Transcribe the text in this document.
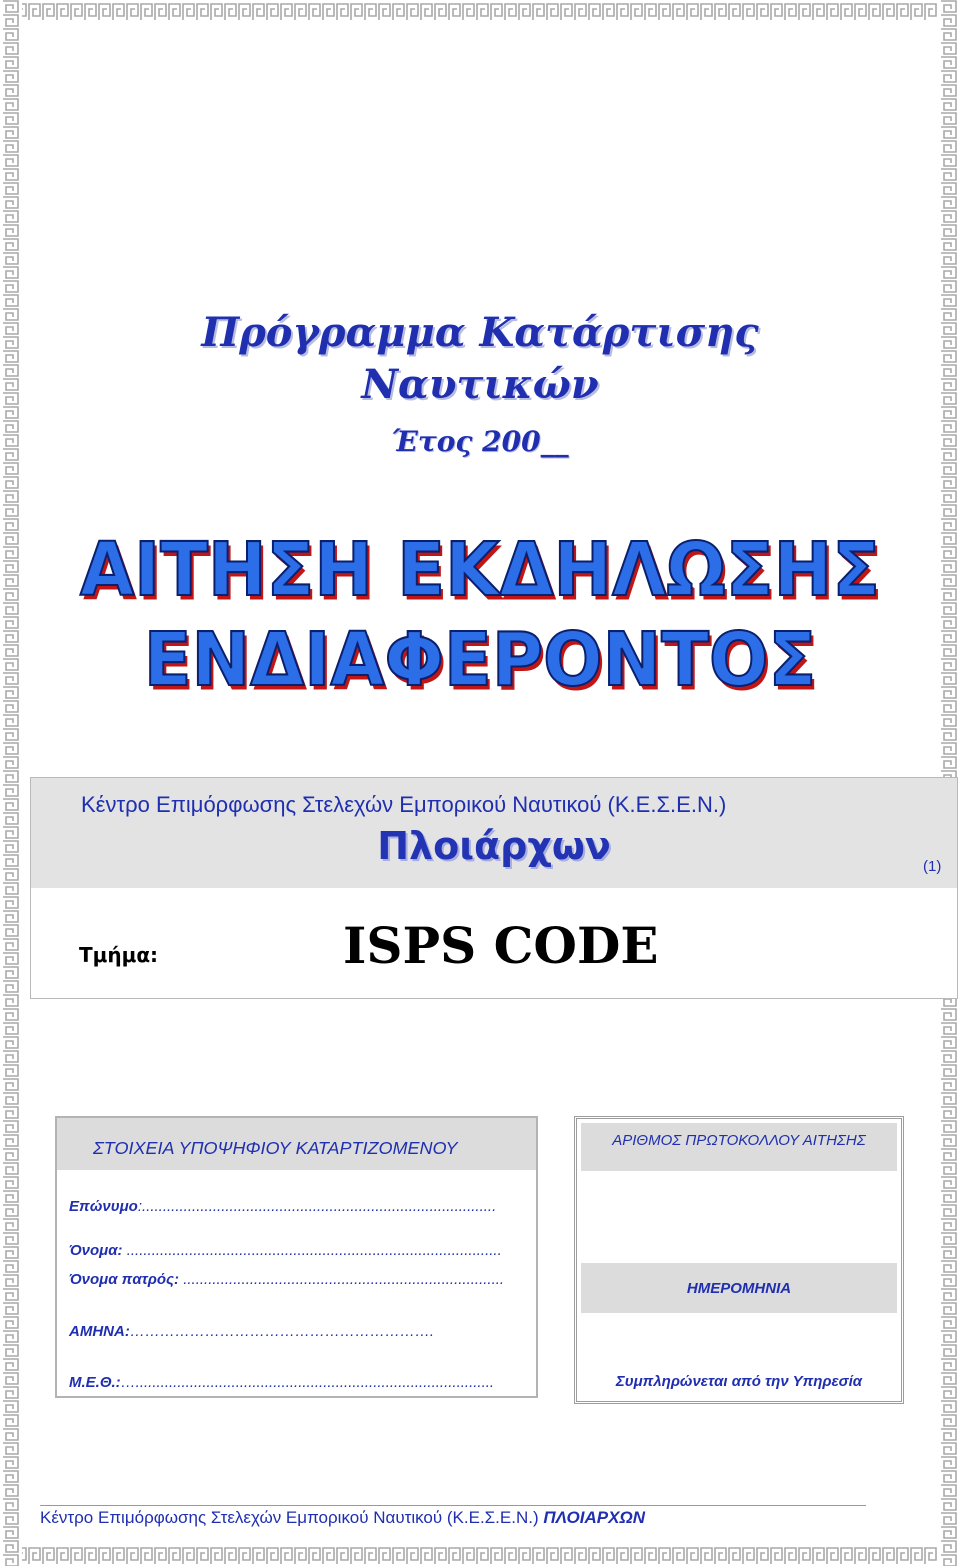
Πρόγραμμα Κατάρτισης
Ναυτικών
Έτος 200__
ΑΙΤΗΣΗ ΕΚΔΗΛΩΣΗΣ
ΕΝΔΙΑΦΕΡΟΝΤΟΣ
Κέντρο Επιμόρφωσης Στελεχών Εμπορικού Ναυτικού (Κ.Ε.Σ.Ε.Ν.)
Πλοιάρχων	(1)
Τμήμα:	ISPS CODE
ΣΤΟΙΧΕΙΑ ΥΠΟΨΗΦΙΟΥ ΚΑΤΑΡΤΙΖΟΜΕΝΟΥ
Επώνυμο:.....................................................................................
Όνομα: ..........................................................................................
Όνομα πατρός: .............................................................................
ΑΜΗΝΑ:…………………………………………………….
Μ.Ε.Θ.:…......................................................................................
ΑΡΙΘΜΟΣ ΠΡΩΤΟΚΟΛΛΟΥ ΑΙΤΗΣΗΣ
ΗΜΕΡΟΜΗΝΙΑ
Συμπληρώνεται από την Υπηρεσία
Κέντρο Επιμόρφωσης Στελεχών Εμπορικού Ναυτικού (Κ.Ε.Σ.Ε.Ν.) ΠΛΟΙΑΡΧΩΝ
